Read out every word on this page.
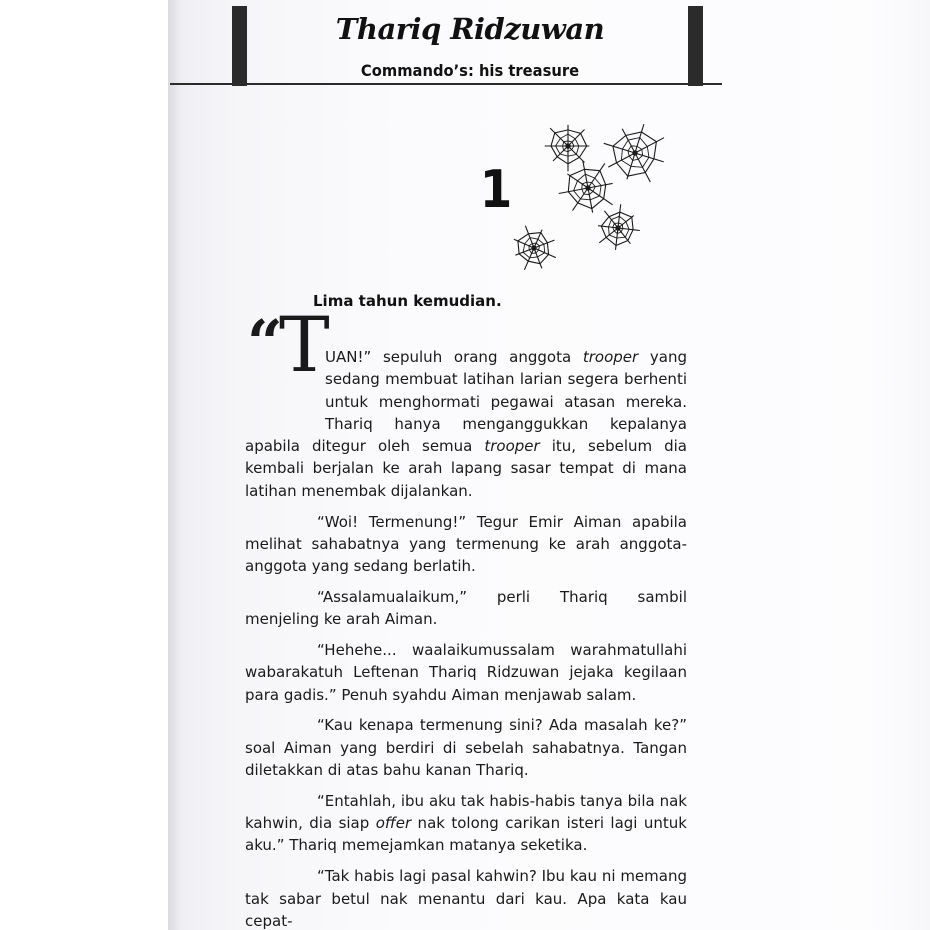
Thariq Ridzuwan
Commando’s: his treasure
1
Lima tahun kemudian.

“
T
UAN!” sepuluh orang anggota trooper yang sedang membuat latihan larian segera berhenti untuk menghormati pegawai atasan mereka. Thariq hanya menganggukkan kepalanya apabila ditegur oleh semua trooper itu, sebelum dia kembali berjalan ke arah lapang sasar tempat di mana latihan menembak dijalankan.

“Woi! Termenung!” Tegur Emir Aiman apabila melihat sahabatnya yang termenung ke arah anggota- anggota yang sedang berlatih.

“Assalamualaikum,” perli Thariq sambil menjeling ke arah Aiman.

“Hehehe... waalaikumussalam warahmatullahi wabarakatuh Leftenan Thariq Ridzuwan jejaka kegilaan para gadis.” Penuh syahdu Aiman menjawab salam.

“Kau kenapa termenung sini? Ada masalah ke?” soal Aiman yang berdiri di sebelah sahabatnya. Tangan diletakkan di atas bahu kanan Thariq.

“Entahlah, ibu aku tak habis-habis tanya bila nak kahwin, dia siap offer nak tolong carikan isteri lagi untuk aku.” Thariq memejamkan matanya seketika.

“Tak habis lagi pasal kahwin? Ibu kau ni memang tak sabar betul nak menantu dari kau. Apa kata kau cepat-
